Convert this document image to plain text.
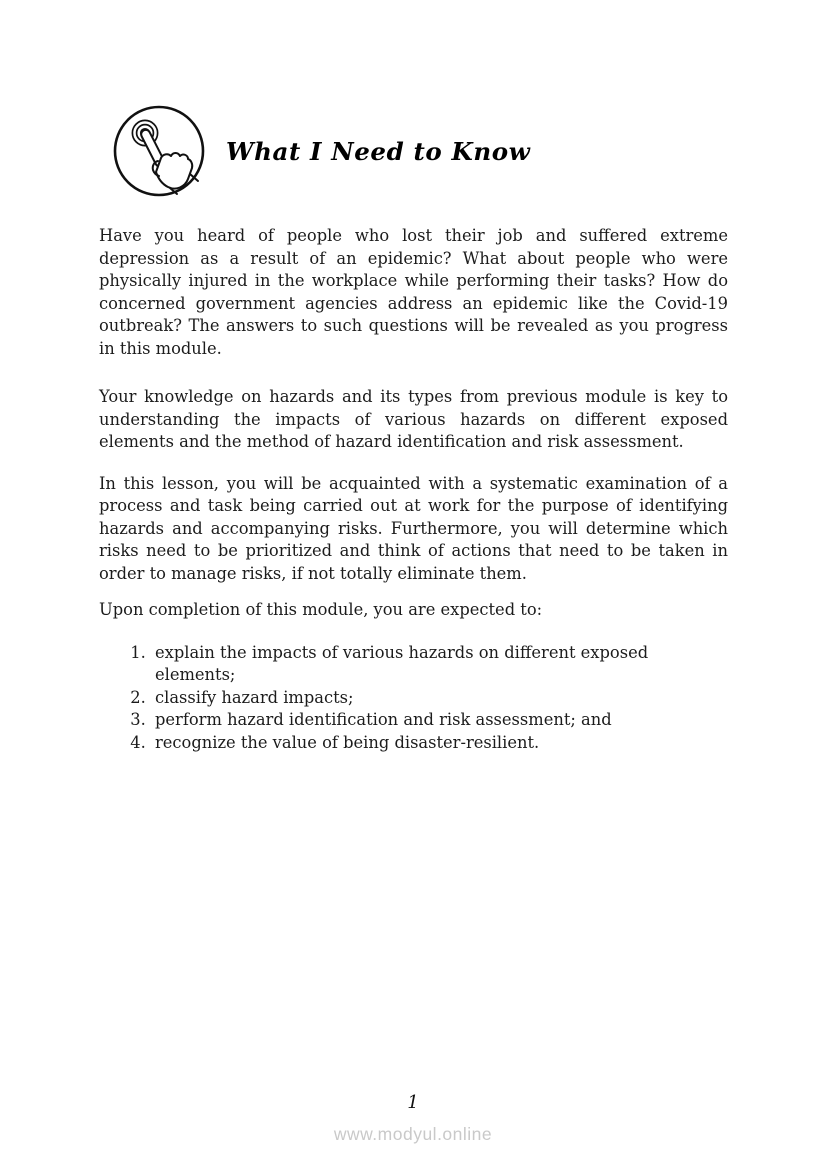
What I Need to Know

Have you heard of people who lost their job and suffered extreme depression as a result of an epidemic? What about people who were physically injured in the workplace while performing their tasks? How do concerned government agencies address an epidemic like the Covid-19 outbreak? The answers to such questions will be revealed as you progress in this module.

Your knowledge on hazards and its types from previous module is key to understanding the impacts of various hazards on different exposed elements and the method of hazard identification and risk assessment.

In this lesson, you will be acquainted with a systematic examination of a process and task being carried out at work for the purpose of identifying hazards and accompanying risks. Furthermore, you will determine which risks need to be prioritized and think of actions that need to be taken in order to manage risks, if not totally eliminate them.

Upon completion of this module, you are expected to:

1. explain the impacts of various hazards on different exposed elements;
2. classify hazard impacts;
3. perform hazard identification and risk assessment; and
4. recognize the value of being disaster-resilient.
1
www.modyul.online
